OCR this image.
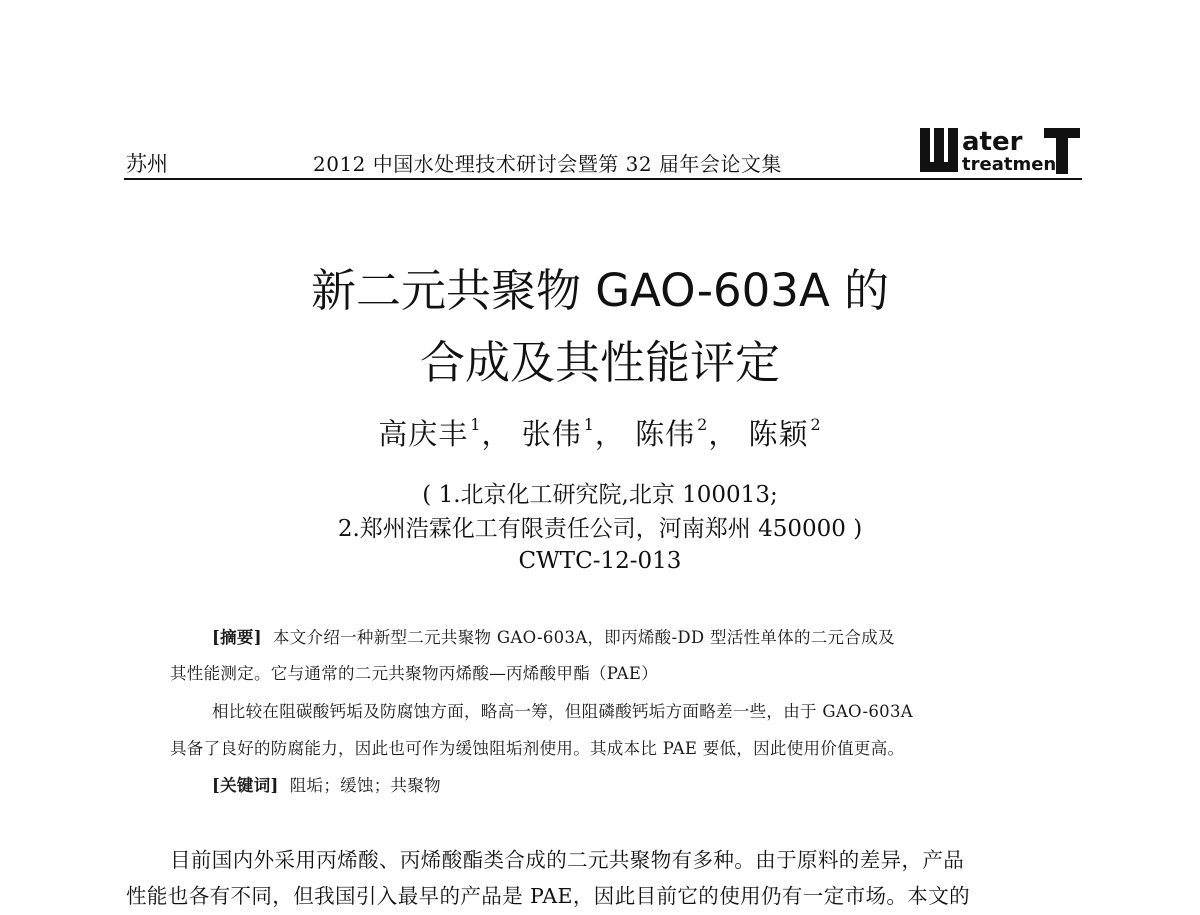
苏州	2012 中国水处理技术研讨会暨第 32 届年会论文集
ater
treatmen
新二元共聚物 GAO-603A 的
合成及其性能评定
高庆丰 $^1$， 张伟 $^1$， 陈伟 $^2$， 陈颖 $^2$
( 1.北京化工研究院,北京 100013;
2.郑州浩霖化工有限责任公司，河南郑州 450000 )
CWTC-12-013
[摘要] 本文介绍一种新型二元共聚物 GAO-603A，即丙烯酸-DD 型活性单体的二元合成及
其性能测定。它与通常的二元共聚物丙烯酸—丙烯酸甲酯（PAE）
相比较在阻碳酸钙垢及防腐蚀方面，略高一筹，但阻磷酸钙垢方面略差一些，由于 GAO-603A
具备了良好的防腐能力，因此也可作为缓蚀阻垢剂使用。其成本比 PAE 要低，因此使用价值更高。
[关键词] 阻垢；缓蚀；共聚物
目前国内外采用丙烯酸、丙烯酸酯类合成的二元共聚物有多种。由于原料的差异，产品
性能也各有不同，但我国引入最早的产品是 PAE，因此目前它的使用仍有一定市场。本文的
